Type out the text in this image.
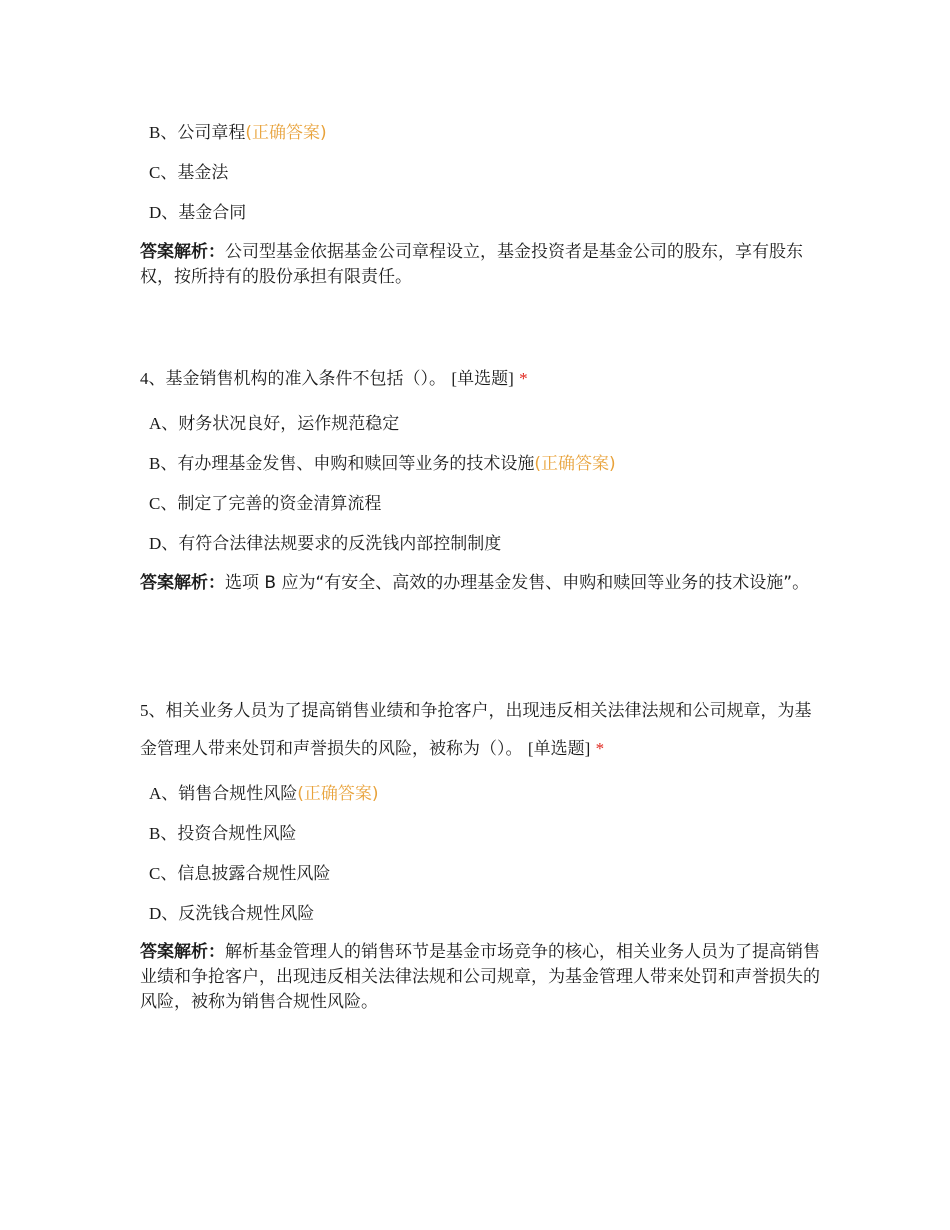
B、公司章程(正确答案)
C、基金法
D、基金合同
答案解析：公司型基金依据基金公司章程设立，基金投资者是基金公司的股东，享有股东权，按所持有的股份承担有限责任。
4、基金销售机构的准入条件不包括（）。 [单选题] *
A、财务状况良好，运作规范稳定
B、有办理基金发售、申购和赎回等业务的技术设施(正确答案)
C、制定了完善的资金清算流程
D、有符合法律法规要求的反洗钱内部控制制度
答案解析：选项 B 应为“有安全、高效的办理基金发售、申购和赎回等业务的技术设施”。
5、相关业务人员为了提高销售业绩和争抢客户，出现违反相关法律法规和公司规章，为基金管理人带来处罚和声誉损失的风险，被称为（）。 [单选题] *
A、销售合规性风险(正确答案)
B、投资合规性风险
C、信息披露合规性风险
D、反洗钱合规性风险
答案解析：解析基金管理人的销售环节是基金市场竞争的核心，相关业务人员为了提高销售业绩和争抢客户，出现违反相关法律法规和公司规章，为基金管理人带来处罚和声誉损失的风险，被称为销售合规性风险。
